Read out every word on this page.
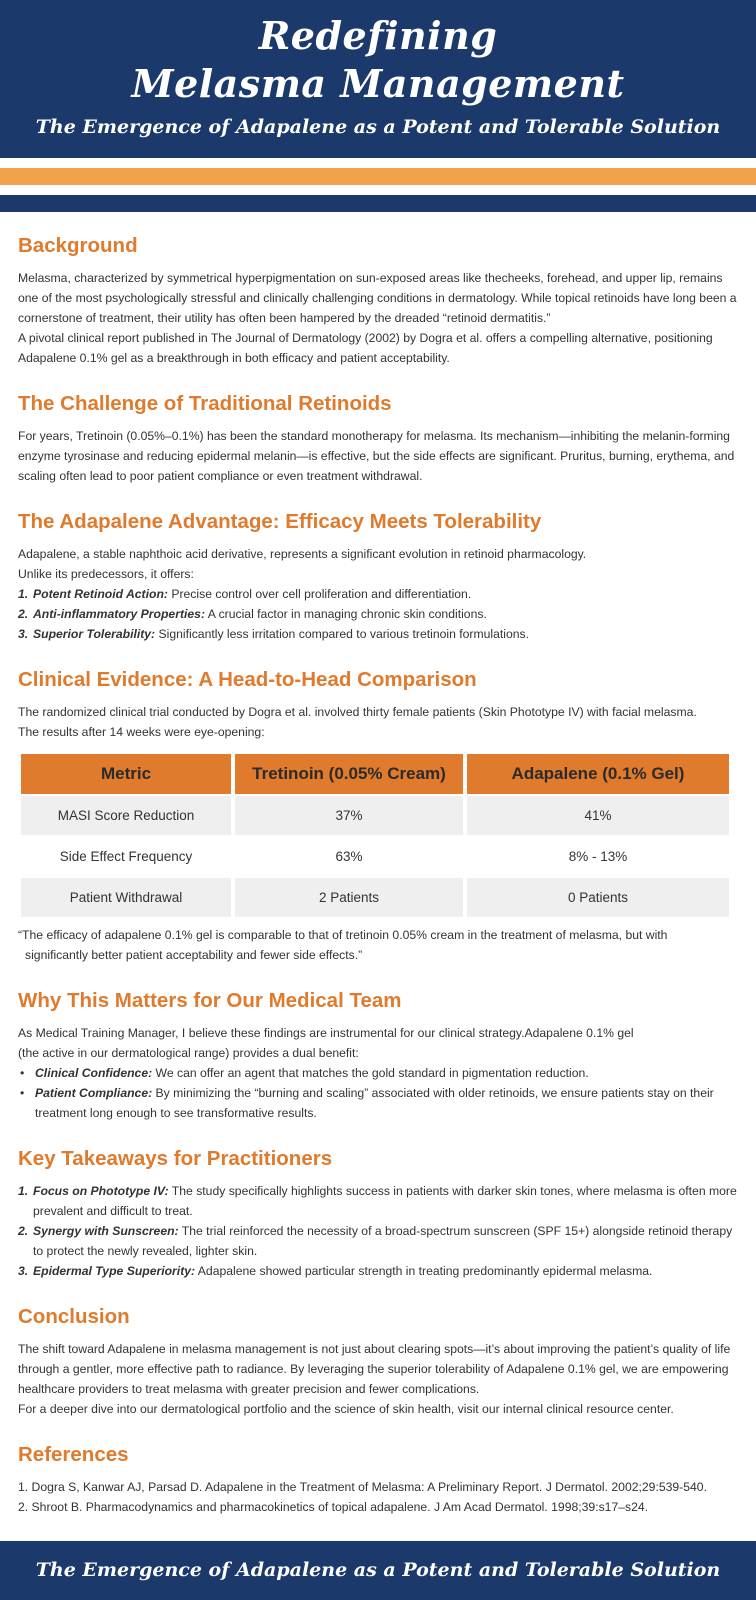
Redefining
Melasma Management
The Emergence of Adapalene as a Potent and Tolerable Solution
Background

Melasma, characterized by symmetrical hyperpigmentation on sun-exposed areas like thecheeks, forehead, and upper lip, remains one of the most psychologically stressful and clinically challenging conditions in dermatology. While topical retinoids have long been a cornerstone of treatment, their utility has often been hampered by the dreaded “retinoid dermatitis.”

A pivotal clinical report published in The Journal of Dermatology (2002) by Dogra et al. offers a compelling alternative, positioning Adapalene 0.1% gel as a breakthrough in both efficacy and patient acceptability.

The Challenge of Traditional Retinoids

For years, Tretinoin (0.05%–0.1%) has been the standard monotherapy for melasma. Its mechanism—inhibiting the melanin-forming enzyme tyrosinase and reducing epidermal melanin—is effective, but the side effects are significant. Pruritus, burning, erythema, and scaling often lead to poor patient compliance or even treatment withdrawal.

The Adapalene Advantage: Efficacy Meets Tolerability

Adapalene, a stable naphthoic acid derivative, represents a significant evolution in retinoid pharmacology.

Unlike its predecessors, it offers:

1. Potent Retinoid Action: Precise control over cell proliferation and differentiation.
2. Anti-inflammatory Properties: A crucial factor in managing chronic skin conditions.
3. Superior Tolerability: Significantly less irritation compared to various tretinoin formulations.
Clinical Evidence: A Head-to-Head Comparison

The randomized clinical trial conducted by Dogra et al. involved thirty female patients (Skin Phototype IV) with facial melasma.

The results after 14 weeks were eye-opening:

Metric	Tretinoin (0.05% Cream)	Adapalene (0.1% Gel)
MASI Score Reduction	37%	41%
Side Effect Frequency	63%	8% - 13%
Patient Withdrawal	2 Patients	0 Patients

“The efficacy of adapalene 0.1% gel is comparable to that of tretinoin 0.05% cream in the treatment of melasma, but with

significantly better patient acceptability and fewer side effects.”

Why This Matters for Our Medical Team

As Medical Training Manager, I believe these findings are instrumental for our clinical strategy.Adapalene 0.1% gel

(the active in our dermatological range) provides a dual benefit:

• Clinical Confidence: We can offer an agent that matches the gold standard in pigmentation reduction.
• Patient Compliance: By minimizing the “burning and scaling” associated with older retinoids, we ensure patients stay on their treatment long enough to see transformative results.
Key Takeaways for Practitioners
1. Focus on Phototype IV: The study specifically highlights success in patients with darker skin tones, where melasma is often more prevalent and difficult to treat.
2. Synergy with Sunscreen: The trial reinforced the necessity of a broad-spectrum sunscreen (SPF 15+) alongside retinoid therapy to protect the newly revealed, lighter skin.
3. Epidermal Type Superiority: Adapalene showed particular strength in treating predominantly epidermal melasma.
Conclusion

The shift toward Adapalene in melasma management is not just about clearing spots—it’s about improving the patient’s quality of life through a gentler, more effective path to radiance. By leveraging the superior tolerability of Adapalene 0.1% gel, we are empowering healthcare providers to treat melasma with greater precision and fewer complications.

For a deeper dive into our dermatological portfolio and the science of skin health, visit our internal clinical resource center.

References

1. Dogra S, Kanwar AJ, Parsad D. Adapalene in the Treatment of Melasma: A Preliminary Report. J Dermatol. 2002;29:539-540.

2. Shroot B. Pharmacodynamics and pharmacokinetics of topical adapalene. J Am Acad Dermatol. 1998;39:s17–s24.

The Emergence of Adapalene as a Potent and Tolerable Solution
